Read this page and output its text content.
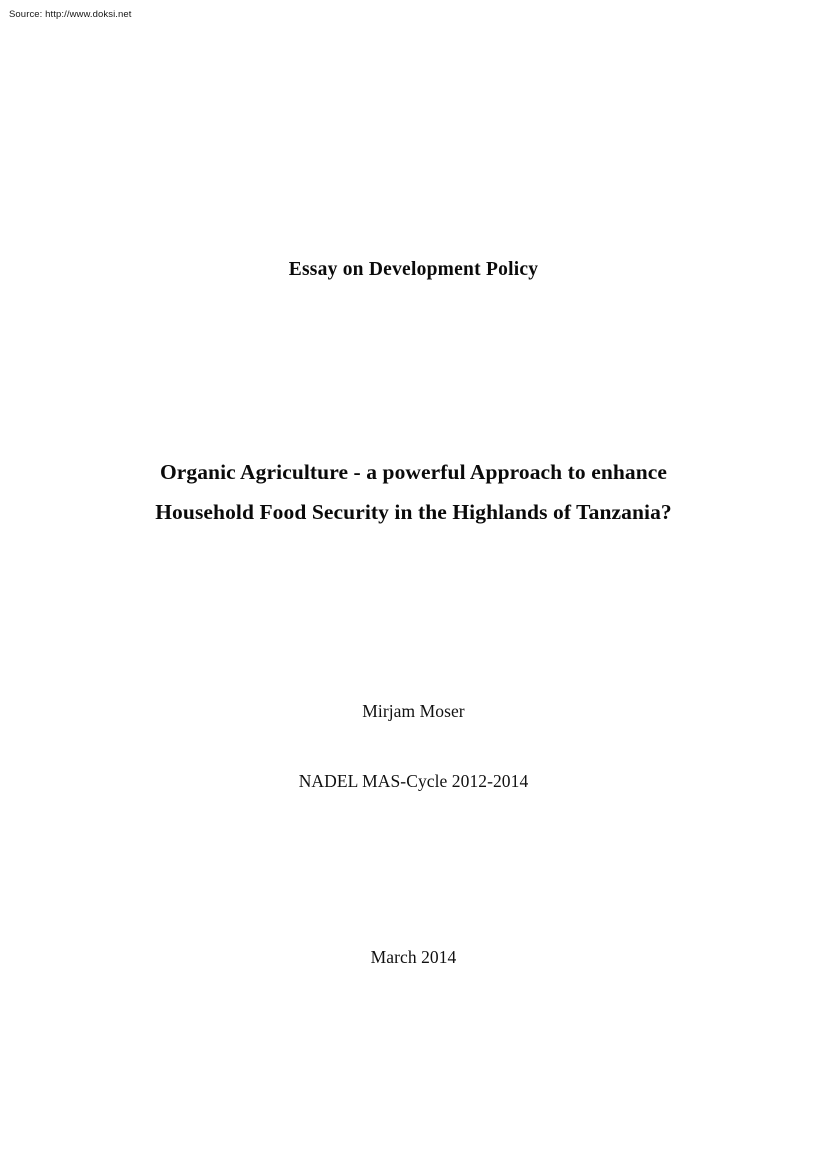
Source: http://www.doksi.net
Essay on Development Policy
Organic Agriculture - a powerful Approach to enhance
Household Food Security in the Highlands of Tanzania?
Mirjam Moser
NADEL MAS-Cycle 2012-2014
March 2014
